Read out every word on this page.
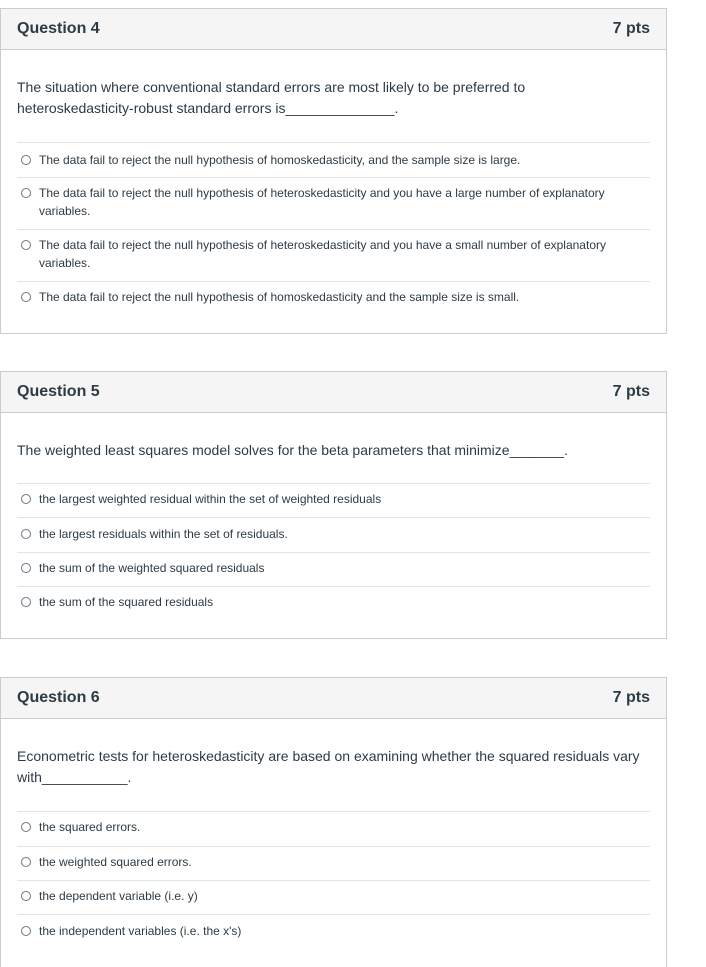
Question 4	7 pts

The situation where conventional standard errors are most likely to be preferred to heteroskedasticity-robust standard errors is______________.

The data fail to reject the null hypothesis of homoskedasticity, and the sample size is large.
The data fail to reject the null hypothesis of heteroskedasticity and you have a large number of explanatory variables.
The data fail to reject the null hypothesis of heteroskedasticity and you have a small number of explanatory variables.
The data fail to reject the null hypothesis of homoskedasticity and the sample size is small.
Question 5	7 pts

The weighted least squares model solves for the beta parameters that minimize_______.

the largest weighted residual within the set of weighted residuals
the largest residuals within the set of residuals.
the sum of the weighted squared residuals
the sum of the squared residuals
Question 6	7 pts

Econometric tests for heteroskedasticity are based on examining whether the squared residuals vary with___________.

the squared errors.
the weighted squared errors.
the dependent variable (i.e. y)
the independent variables (i.e. the x's)
